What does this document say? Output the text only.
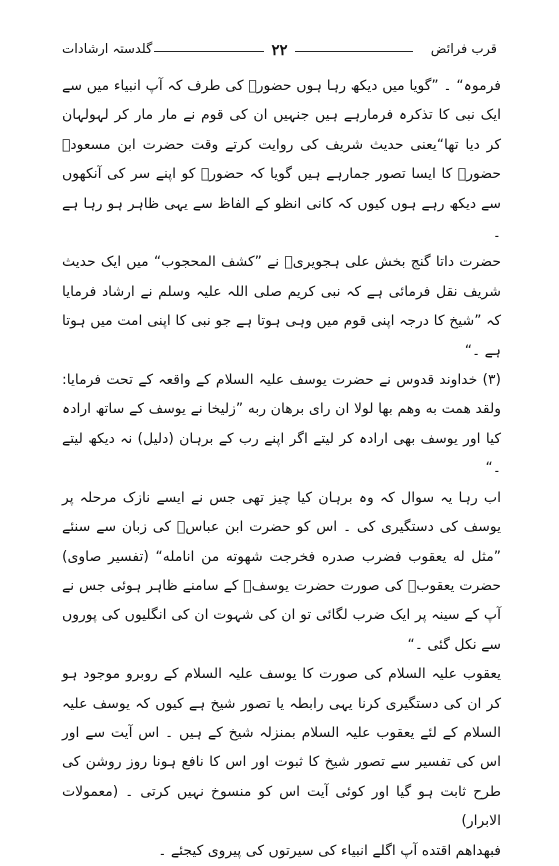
قرب فرائض
۲۲
گلدستہ ارشادات

فرموہ“ ۔ ”گویا میں دیکھ رہا ہوں حضورؐ کی طرف کہ آپ انبیاء میں سے ایک نبی کا تذکرہ فرمارہے ہیں جنہیں ان کی قوم نے مار مار کر لہولہان کر دیا تھا“یعنی حدیث شریف کی روایت کرتے وقت حضرت ابن مسعودؓ حضورؐ کا ایسا تصور جمارہے ہیں گویا کہ حضورؐ کو اپنے سر کی آنکھوں سے دیکھ رہے ہوں کیوں کہ کانی انظو کے الفاظ سے یہی ظاہر ہو رہا ہے ۔

حضرت داتا گنج بخش علی ہجویریؒ نے ”کشف المحجوب“ میں ایک حدیث شریف نقل فرمائی ہے کہ نبی کریم صلی اللہ علیہ وسلم نے ارشاد فرمایا کہ ”شیخ کا درجہ اپنی قوم میں وہی ہوتا ہے جو نبی کا اپنی امت میں ہوتا ہے ۔“

(۳) خداوند قدوس نے حضرت یوسف علیہ السلام کے واقعہ کے تحت فرمایا: ولقد همت به وهم بها لولا ان رای برهان ربه ”زلیخا نے یوسف کے ساتھ ارادہ کیا اور یوسف بھی ارادہ کر لیتے اگر اپنے رب کے برہان (دلیل) نہ دیکھ لیتے ۔“

اب رہا یہ سوال کہ وہ برہان کیا چیز تھی جس نے ایسے نازک مرحلہ پر یوسف کی دستگیری کی ۔ اس کو حضرت ابن عباسؓ کی زبان سے سنئے ”مثل له يعقوب فضرب صدره فخرجت شهوته من انامله“ (تفسیر صاوی) حضرت یعقوبؑ کی صورت حضرت یوسفؑ کے سامنے ظاہر ہوئی جس نے آپ کے سینہ پر ایک ضرب لگائی تو ان کی شہوت ان کی انگلیوں کی پوروں سے نکل گئی ۔“

یعقوب علیہ السلام کی صورت کا یوسف علیہ السلام کے روبرو موجود ہو کر ان کی دستگیری کرنا یہی رابطہ یا تصور شیخ ہے کیوں کہ یوسف علیہ السلام کے لئے یعقوب علیہ السلام بمنزلہ شیخ کے ہیں ۔ اس آیت سے اور اس کی تفسیر سے تصور شیخ کا ثبوت اور اس کا نافع ہونا روز روشن کی طرح ثابت ہو گیا اور کوئی آیت اس کو منسوخ نہیں کرتی ۔ (معمولات الابرار)

فبهداهم اقتده آپ اگلے انبیاء کی سیرتوں کی پیروی کیجئے ۔
